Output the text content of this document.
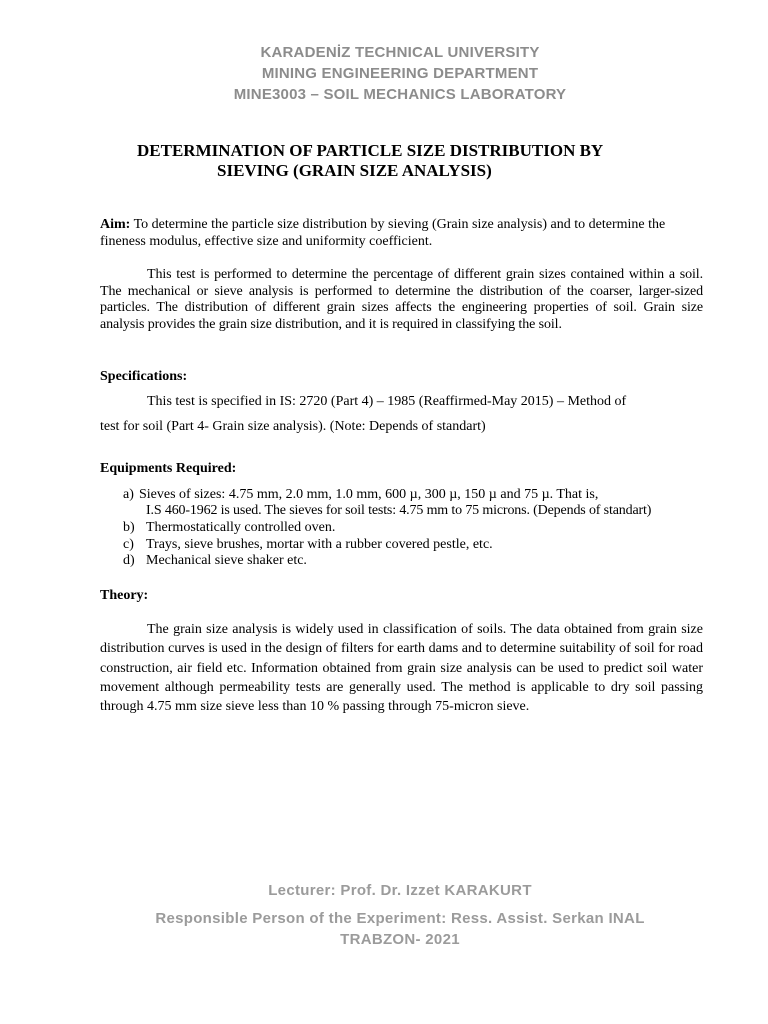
KARADENİZ TECHNICAL UNIVERSITY
MINING ENGINEERING DEPARTMENT
MINE3003 – SOIL MECHANICS LABORATORY
DETERMINATION OF PARTICLE SIZE DISTRIBUTION BY
SIEVING (GRAIN SIZE ANALYSIS)
Aim: To determine the particle size distribution by sieving (Grain size analysis) and to determine the fineness modulus, effective size and uniformity coefficient.
This test is performed to determine the percentage of different grain sizes contained within a soil. The mechanical or sieve analysis is performed to determine the distribution of the coarser, larger-sized particles. The distribution of different grain sizes affects the engineering properties of soil. Grain size analysis provides the grain size distribution, and it is required in classifying the soil.
Specifications:
This test is specified in IS: 2720 (Part 4) – 1985 (Reaffirmed-May 2015) – Method of
test for soil (Part 4- Grain size analysis). (Note: Depends of standart)
Equipments Required:
a) Sieves of sizes: 4.75 mm, 2.0 mm, 1.0 mm, 600 µ, 300 µ, 150 µ and 75 µ. That is,
I.S 460-1962 is used. The sieves for soil tests: 4.75 mm to 75 microns. (Depends of standart)
b) Thermostatically controlled oven.
c) Trays, sieve brushes, mortar with a rubber covered pestle, etc.
d) Mechanical sieve shaker etc.
Theory:
The grain size analysis is widely used in classification of soils. The data obtained from grain size distribution curves is used in the design of filters for earth dams and to determine suitability of soil for road construction, air field etc. Information obtained from grain size analysis can be used to predict soil water movement although permeability tests are generally used. The method is applicable to dry soil passing through 4.75 mm size sieve less than 10 % passing through 75-micron sieve.
Lecturer: Prof. Dr. Izzet KARAKURT
Responsible Person of the Experiment: Ress. Assist. Serkan INAL
TRABZON- 2021
